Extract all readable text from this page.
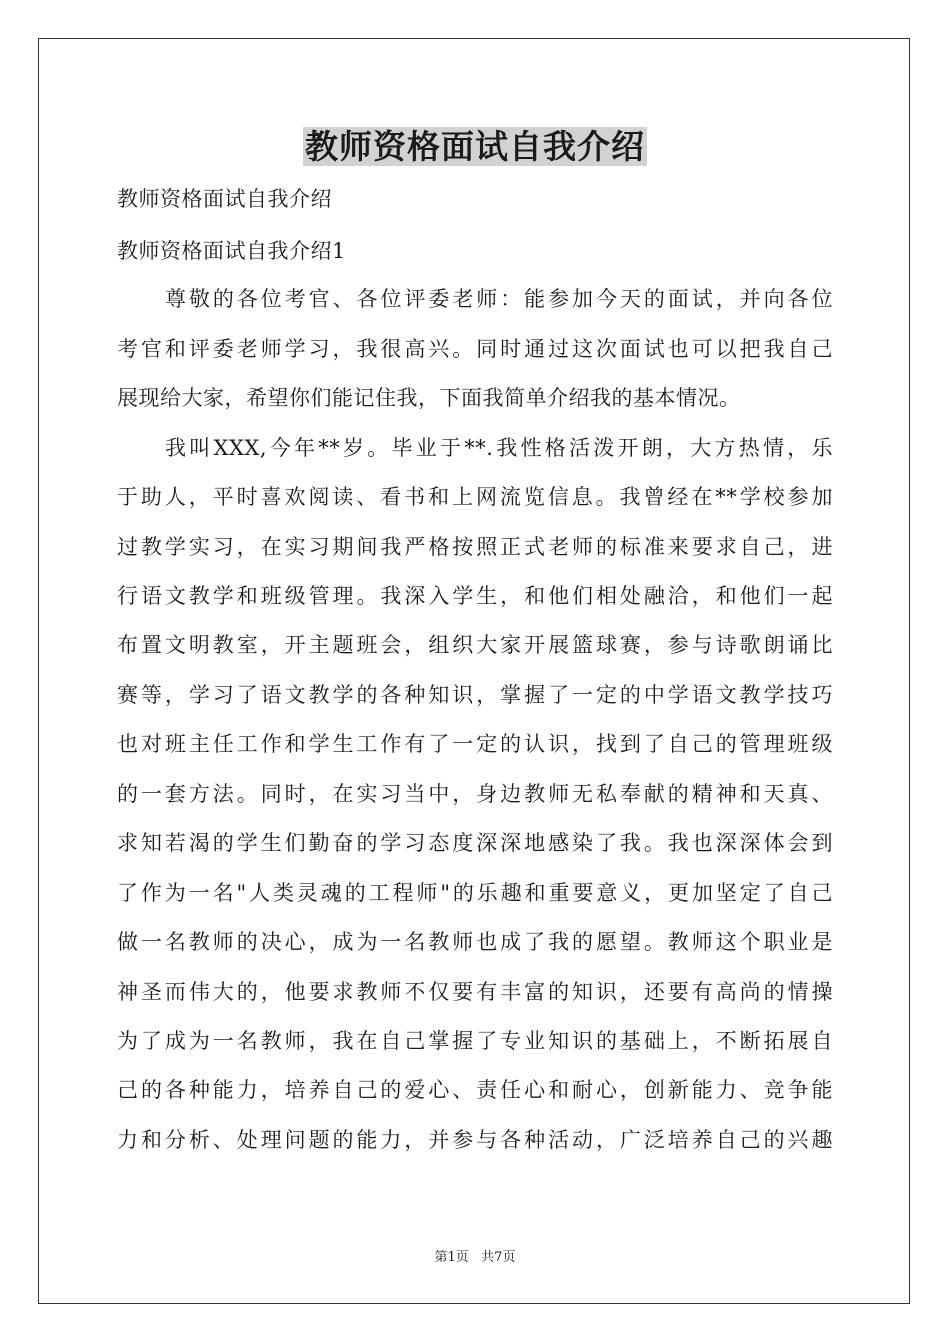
教师资格面试自我介绍
教师资格面试自我介绍
教师资格面试自我介绍1
尊敬的各位考官、各位评委老师：能参加今天的面试，并向各位
考官和评委老师学习，我很高兴。同时通过这次面试也可以把我自己
展现给大家，希望你们能记住我，下面我简单介绍我的基本情况。
我叫XXX,今年**岁。毕业于**.我性格活泼开朗，大方热情，乐
于助人，平时喜欢阅读、看书和上网流览信息。我曾经在**学校参加
过教学实习，在实习期间我严格按照正式老师的标准来要求自己，进
行语文教学和班级管理。我深入学生，和他们相处融洽，和他们一起
布置文明教室，开主题班会，组织大家开展篮球赛，参与诗歌朗诵比
赛等，学习了语文教学的各种知识，掌握了一定的中学语文教学技巧
也对班主任工作和学生工作有了一定的认识，找到了自己的管理班级
的一套方法。同时，在实习当中，身边教师无私奉献的精神和天真、
求知若渴的学生们勤奋的学习态度深深地感染了我。我也深深体会到
了作为一名"人类灵魂的工程师"的乐趣和重要意义，更加坚定了自己
做一名教师的决心，成为一名教师也成了我的愿望。教师这个职业是
神圣而伟大的，他要求教师不仅要有丰富的知识，还要有高尚的情操
为了成为一名教师，我在自己掌握了专业知识的基础上，不断拓展自
己的各种能力，培养自己的爱心、责任心和耐心，创新能力、竞争能
力和分析、处理问题的能力，并参与各种活动，广泛培养自己的兴趣
第1页   共7页
